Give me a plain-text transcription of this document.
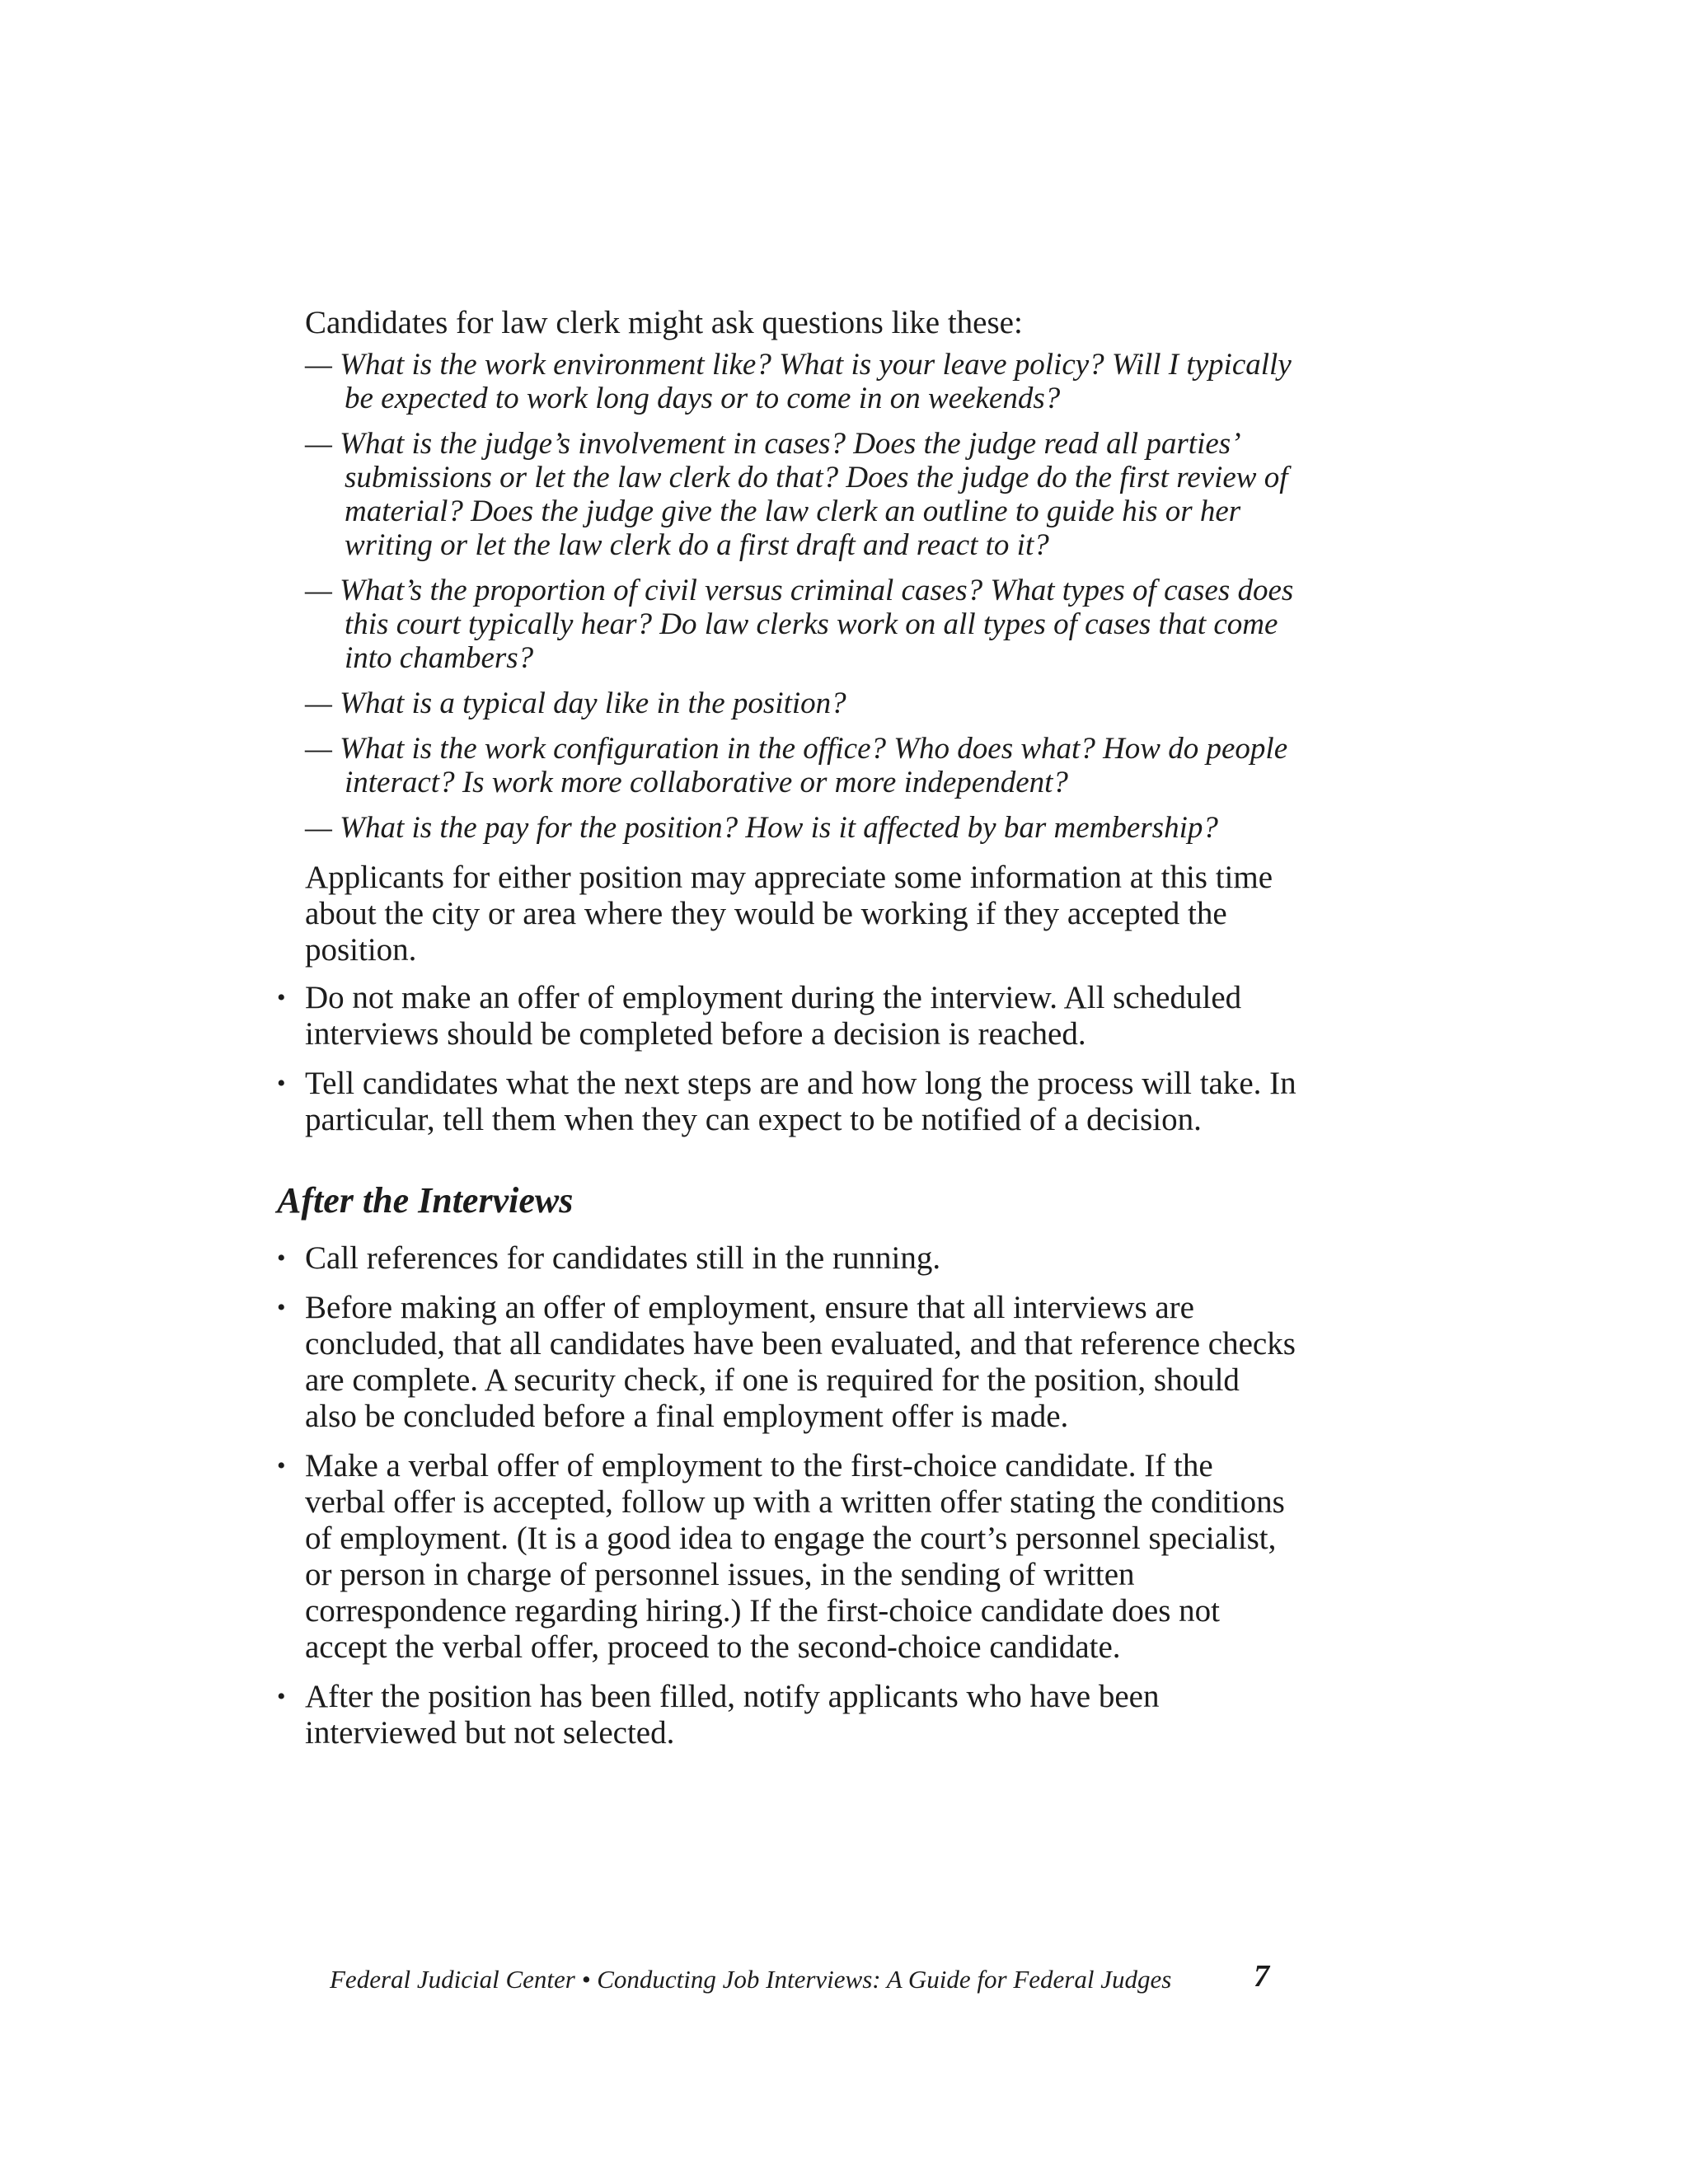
Candidates for law clerk might ask questions like these:

— What is the work environment like? What is your leave policy? Will I typically be expected to work long days or to come in on weekends?
— What is the judge’s involvement in cases? Does the judge read all parties’ submissions or let the law clerk do that? Does the judge do the first review of material? Does the judge give the law clerk an outline to guide his or her writing or let the law clerk do a first draft and react to it?
— What’s the proportion of civil versus criminal cases? What types of cases does this court typically hear? Do law clerks work on all types of cases that come into chambers?
— What is a typical day like in the position?
— What is the work configuration in the office? Who does what? How do people interact? Is work more collaborative or more independent?
— What is the pay for the position? How is it affected by bar membership?

Applicants for either position may appreciate some information at this time about the city or area where they would be working if they accepted the position.

• Do not make an offer of employment during the interview. All scheduled interviews should be completed before a decision is reached.
• Tell candidates what the next steps are and how long the process will take. In particular, tell them when they can expect to be notified of a decision.
After the Interviews
• Call references for candidates still in the running.
• Before making an offer of employment, ensure that all interviews are concluded, that all candidates have been evaluated, and that reference checks are complete. A security check, if one is required for the position, should also be concluded before a final employment offer is made.
• Make a verbal offer of employment to the first-choice candidate. If the verbal offer is accepted, follow up with a written offer stating the conditions of employment. (It is a good idea to engage the court’s personnel specialist, or person in charge of personnel issues, in the sending of written correspondence regarding hiring.) If the first-choice candidate does not accept the verbal offer, proceed to the second-choice candidate.
• After the position has been filled, notify applicants who have been interviewed but not selected.
Federal Judicial Center • Conducting Job Interviews: A Guide for Federal Judges	7
